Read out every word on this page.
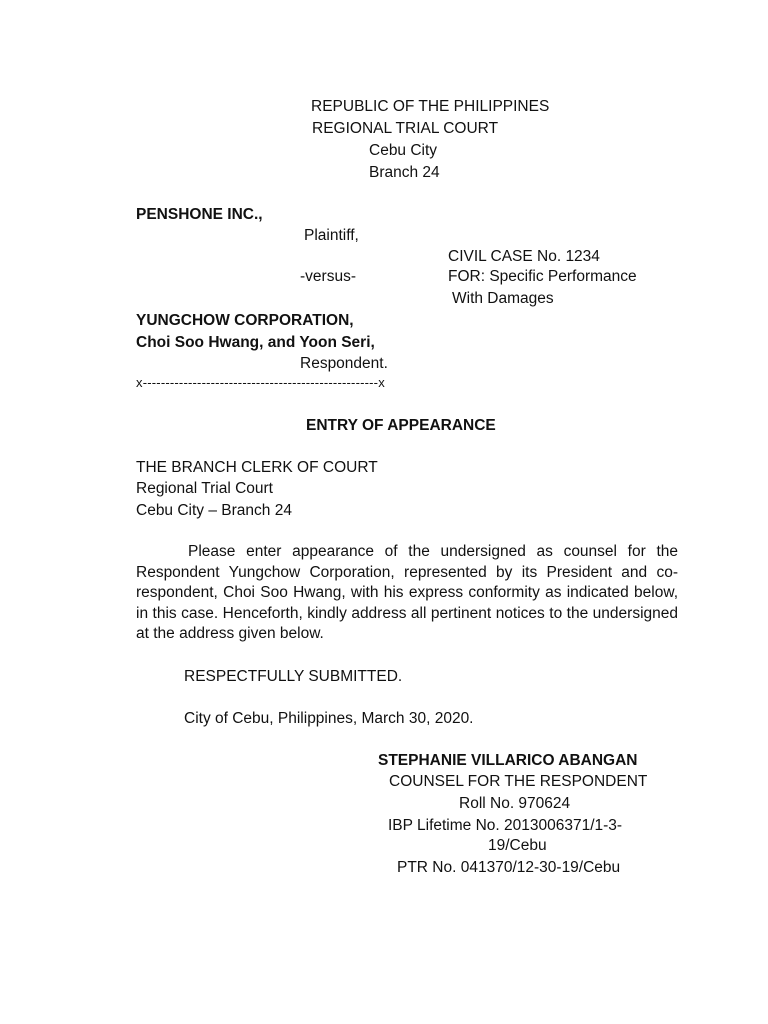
REPUBLIC OF THE PHILIPPINES
REGIONAL TRIAL COURT
Cebu City
Branch 24
PENSHONE INC.,
Plaintiff,
CIVIL CASE No. 1234
-versus-	FOR: Specific Performance
With Damages
YUNGCHOW CORPORATION,
Choi Soo Hwang, and Yoon Seri,
Respondent.
x----------------------------------------------------x
ENTRY OF APPEARANCE
THE BRANCH CLERK OF COURT
Regional Trial Court
Cebu City – Branch 24
Please enter appearance of the undersigned as counsel for the Respondent Yungchow Corporation, represented by its President and co-respondent, Choi Soo Hwang, with his express conformity as indicated below, in this case. Henceforth, kindly address all pertinent notices to the undersigned at the address given below.
RESPECTFULLY SUBMITTED.
City of Cebu, Philippines, March 30, 2020.
STEPHANIE VILLARICO ABANGAN
COUNSEL FOR THE RESPONDENT
Roll No. 970624
IBP Lifetime No. 2013006371/1-3-
19/Cebu
PTR No. 041370/12-30-19/Cebu
